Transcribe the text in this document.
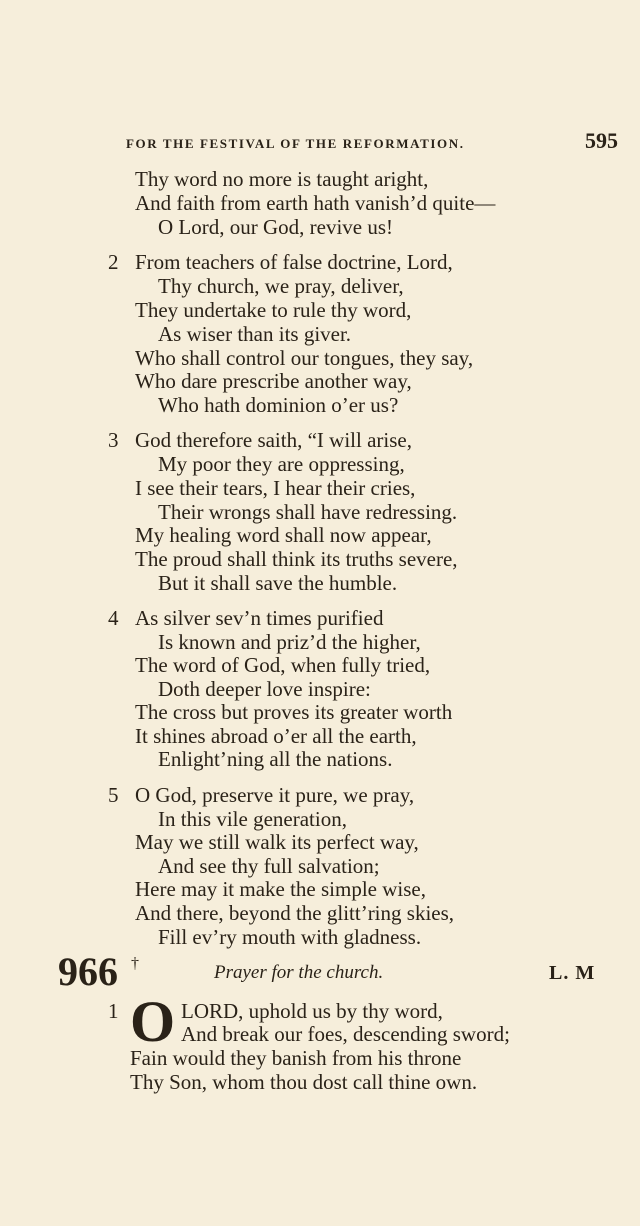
FOR THE FESTIVAL OF THE REFORMATION.	595
Thy word no more is taught aright,
And faith from earth hath vanish’d quite—
O Lord, our God, revive us!
2 From teachers of false doctrine, Lord,
Thy church, we pray, deliver,
They undertake to rule thy word,
As wiser than its giver.
Who shall control our tongues, they say,
Who dare prescribe another way,
Who hath dominion o’er us?
3 God therefore saith, “I will arise,
My poor they are oppressing,
I see their tears, I hear their cries,
Their wrongs shall have redressing.
My healing word shall now appear,
The proud shall think its truths severe,
But it shall save the humble.
4 As silver sev’n times purified
Is known and priz’d the higher,
The word of God, when fully tried,
Doth deeper love inspire:
The cross but proves its greater worth
It shines abroad o’er all the earth,
Enlight’ning all the nations.
5 O God, preserve it pure, we pray,
In this vile generation,
May we still walk its perfect way,
And see thy full salvation;
Here may it make the simple wise,
And there, beyond the glitt’ring skies,
Fill ev’ry mouth with gladness.
966 †	Prayer for the church.	L. M
1 O LORD, uphold us by thy word,
And break our foes, descending sword;
Fain would they banish from his throne
Thy Son, whom thou dost call thine own.
